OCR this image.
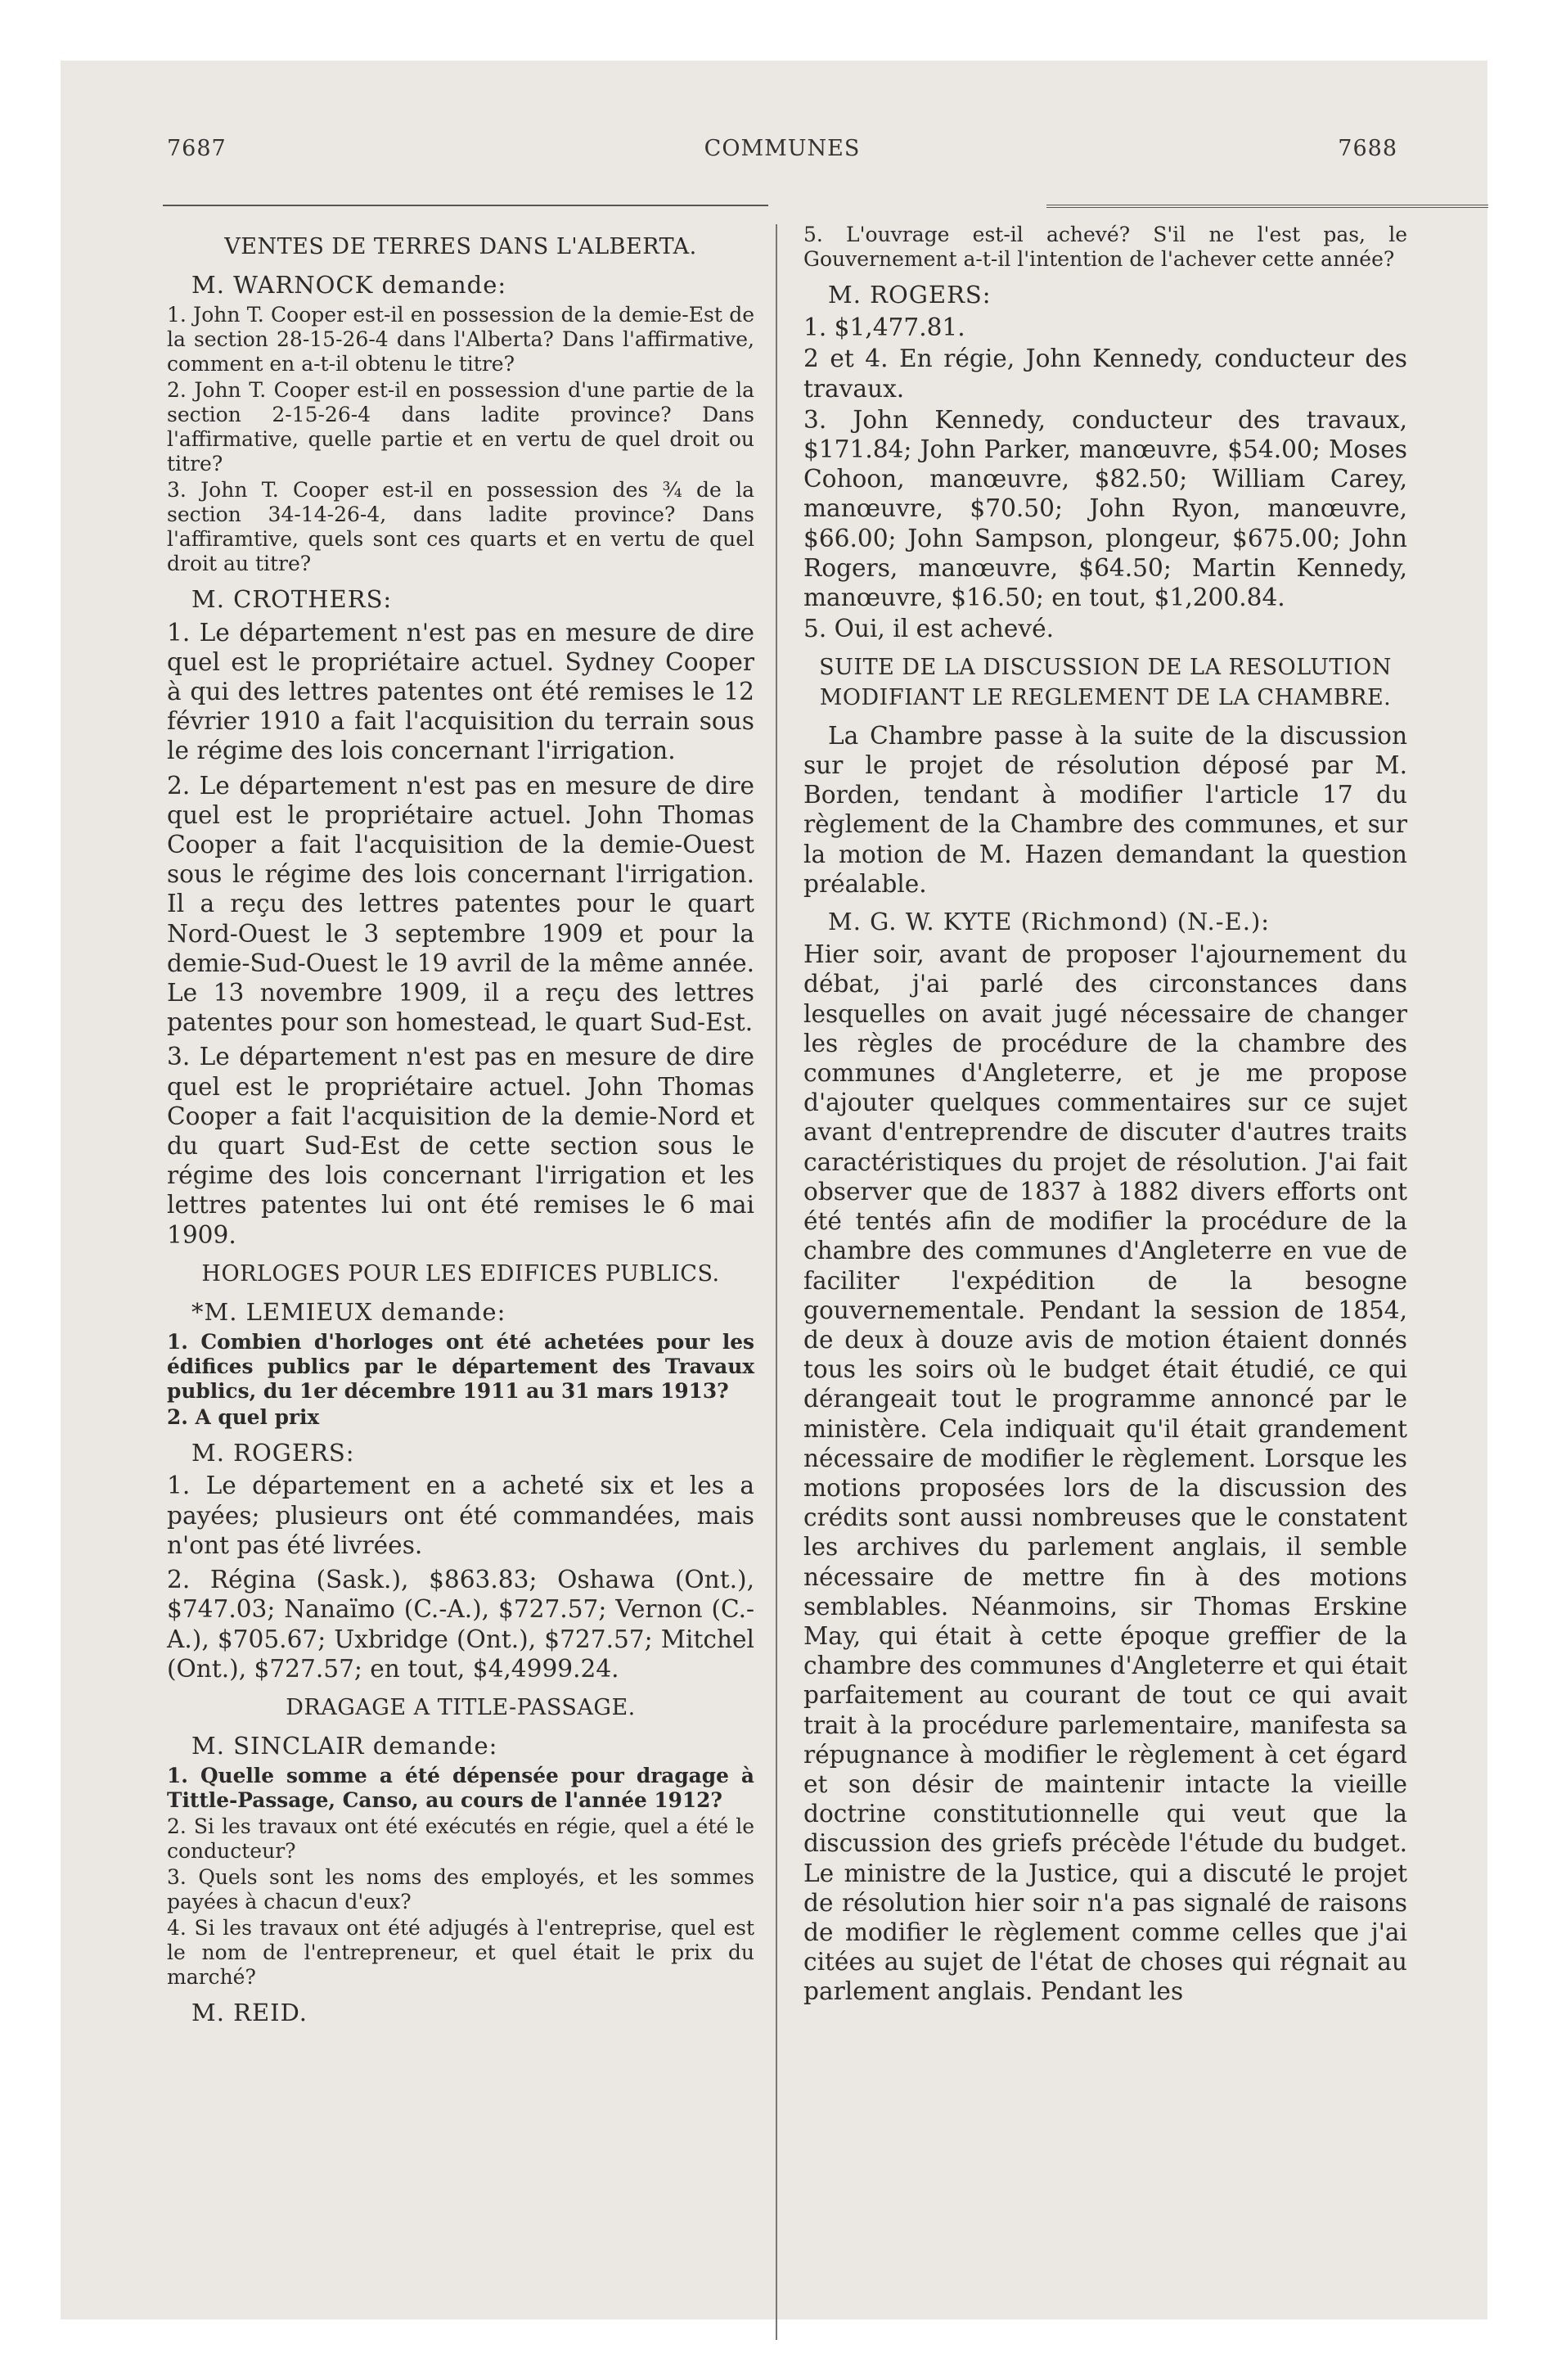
7687	COMMUNES	7688
VENTES DE TERRES DANS L'ALBERTA.
M. WARNOCK demande:

1. John T. Cooper est-il en possession de la demie-Est de la section 28-15-26-4 dans l'Alberta? Dans l'affirmative, comment en a-t-il obtenu le titre?

2. John T. Cooper est-il en possession d'une partie de la section 2-15-26-4 dans ladite province? Dans l'affirmative, quelle partie et en vertu de quel droit ou titre?

3. John T. Cooper est-il en possession des ¾ de la section 34-14-26-4, dans ladite province? Dans l'affiramtive, quels sont ces quarts et en vertu de quel droit au titre?

M. CROTHERS:

1. Le département n'est pas en mesure de dire quel est le propriétaire actuel. Sydney Cooper à qui des lettres patentes ont été remises le 12 février 1910 a fait l'acquisition du terrain sous le régime des lois concernant l'irrigation.

2. Le département n'est pas en mesure de dire quel est le propriétaire actuel. John Thomas Cooper a fait l'acquisition de la demie-Ouest sous le régime des lois concernant l'irrigation. Il a reçu des lettres patentes pour le quart Nord-Ouest le 3 septembre 1909 et pour la demie-Sud-Ouest le 19 avril de la même année. Le 13 novembre 1909, il a reçu des lettres patentes pour son homestead, le quart Sud-Est.

3. Le département n'est pas en mesure de dire quel est le propriétaire actuel. John Thomas Cooper a fait l'acquisition de la demie-Nord et du quart Sud-Est de cette section sous le régime des lois concernant l'irrigation et les lettres patentes lui ont été remises le 6 mai 1909.

HORLOGES POUR LES EDIFICES PUBLICS.
*M. LEMIEUX demande:

1. Combien d'horloges ont été achetées pour les édifices publics par le département des Travaux publics, du 1er décembre 1911 au 31 mars 1913?

2. A quel prix

M. ROGERS:

1. Le département en a acheté six et les a payées; plusieurs ont été commandées, mais n'ont pas été livrées.

2. Régina (Sask.), $863.83; Oshawa (Ont.), $747.03; Nanaïmo (C.-A.), $727.57; Vernon (C.-A.), $705.67; Uxbridge (Ont.), $727.57; Mitchel (Ont.), $727.57; en tout, $4,4999.24.

DRAGAGE A TITLE-PASSAGE.
M. SINCLAIR demande:

1. Quelle somme a été dépensée pour dragage à Tittle-Passage, Canso, au cours de l'année 1912?

2. Si les travaux ont été exécutés en régie, quel a été le conducteur?

3. Quels sont les noms des employés, et les sommes payées à chacun d'eux?

4. Si les travaux ont été adjugés à l'entreprise, quel est le nom de l'entrepreneur, et quel était le prix du marché?

M. REID.

5. L'ouvrage est-il achevé? S'il ne l'est pas, le Gouvernement a-t-il l'intention de l'achever cette année?

M. ROGERS:

1. $1,477.81.

2 et 4. En régie, John Kennedy, conducteur des travaux.

3. John Kennedy, conducteur des travaux, $171.84; John Parker, manœuvre, $54.00; Moses Cohoon, manœuvre, $82.50; William Carey, manœuvre, $70.50; John Ryon, manœuvre, $66.00; John Sampson, plongeur, $675.00; John Rogers, manœuvre, $64.50; Martin Kennedy, manœuvre, $16.50; en tout, $1,200.84.

5. Oui, il est achevé.

SUITE DE LA DISCUSSION DE LA RESOLUTION MODIFIANT LE REGLEMENT DE LA CHAMBRE.

La Chambre passe à la suite de la discussion sur le projet de résolution déposé par M. Borden, tendant à modifier l'article 17 du règlement de la Chambre des communes, et sur la motion de M. Hazen demandant la question préalable.

M. G. W. KYTE (Richmond) (N.-E.):

Hier soir, avant de proposer l'ajournement du débat, j'ai parlé des circonstances dans lesquelles on avait jugé nécessaire de changer les règles de procédure de la chambre des communes d'Angleterre, et je me propose d'ajouter quelques commentaires sur ce sujet avant d'entreprendre de discuter d'autres traits caractéristiques du projet de résolution. J'ai fait observer que de 1837 à 1882 divers efforts ont été tentés afin de modifier la procédure de la chambre des communes d'Angleterre en vue de faciliter l'expédition de la besogne gouvernementale. Pendant la session de 1854, de deux à douze avis de motion étaient donnés tous les soirs où le budget était étudié, ce qui dérangeait tout le programme annoncé par le ministère. Cela indiquait qu'il était grandement nécessaire de modifier le règlement. Lorsque les motions proposées lors de la discussion des crédits sont aussi nombreuses que le constatent les archives du parlement anglais, il semble nécessaire de mettre fin à des motions semblables. Néanmoins, sir Thomas Erskine May, qui était à cette époque greffier de la chambre des communes d'Angleterre et qui était parfaitement au courant de tout ce qui avait trait à la procédure parlementaire, manifesta sa répugnance à modifier le règlement à cet égard et son désir de maintenir intacte la vieille doctrine constitutionnelle qui veut que la discussion des griefs précède l'étude du budget. Le ministre de la Justice, qui a discuté le projet de résolution hier soir n'a pas signalé de raisons de modifier le règlement comme celles que j'ai citées au sujet de l'état de choses qui régnait au parlement anglais. Pendant les
